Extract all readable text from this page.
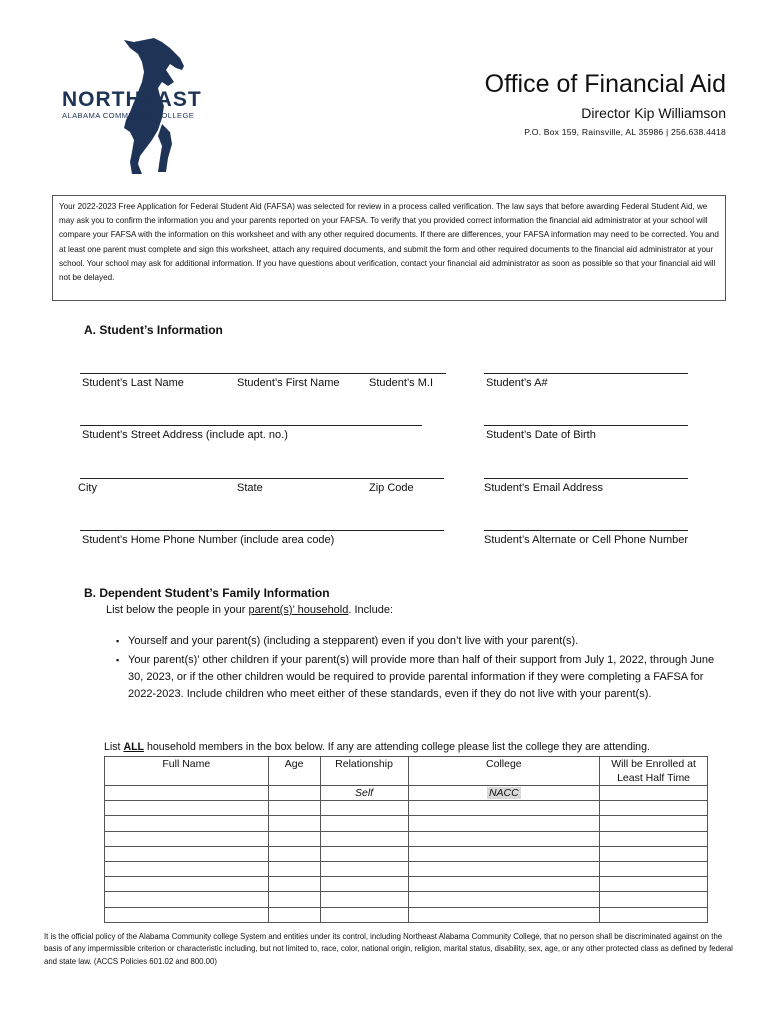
NORTHEAST
ALABAMA COMMUNITY COLLEGE
Office of Financial Aid
Director Kip Williamson
P.O. Box 159, Rainsville, AL 35986 | 256.638.4418
Your 2022-2023 Free Application for Federal Student Aid (FAFSA) was selected for review in a process called verification. The law says that before awarding Federal Student Aid, we may ask you to confirm the information you and your parents reported on your FAFSA. To verify that you provided correct information the financial aid administrator at your school will compare your FAFSA with the information on this worksheet and with any other required documents. If there are differences, your FAFSA information may need to be corrected. You and at least one parent must complete and sign this worksheet, attach any required documents, and submit the form and other required documents to the financial aid administrator at your school. Your school may ask for additional information. If you have questions about verification, contact your financial aid administrator as soon as possible so that your financial aid will not be delayed.
A. Student’s Information
Student’s Last Name	Student’s First Name	Student’s M.I	Student’s A#
Student’s Street Address (include apt. no.)	Student’s Date of Birth
City	State	Zip Code	Student’s Email Address
Student’s Home Phone Number (include area code)	Student’s Alternate or Cell Phone Number
B. Dependent Student’s Family Information
List below the people in your parent(s)’ household. Include:
▪ Yourself and your parent(s) (including a stepparent) even if you don’t live with your parent(s).
▪ Your parent(s)’ other children if your parent(s) will provide more than half of their support from July 1, 2022, through June 30, 2023, or if the other children would be required to provide parental information if they were completing a FAFSA for 2022-2023. Include children who meet either of these standards, even if they do not live with your parent(s).
List ALL household members in the box below. If any are attending college please list the college they are attending.
Full Name	Age	Relationship	College	Will be Enrolled at Least Half Time
		Self	NACC	

It is the official policy of the Alabama Community college System and entities under its control, including Northeast Alabama Community College, that no person shall be discriminated against on the basis of any impermissible criterion or characteristic including, but not limited to, race, color, national origin, religion, marital status, disability, sex, age, or any other protected class as defined by federal and state law. (ACCS Policies 601.02 and 800.00)
